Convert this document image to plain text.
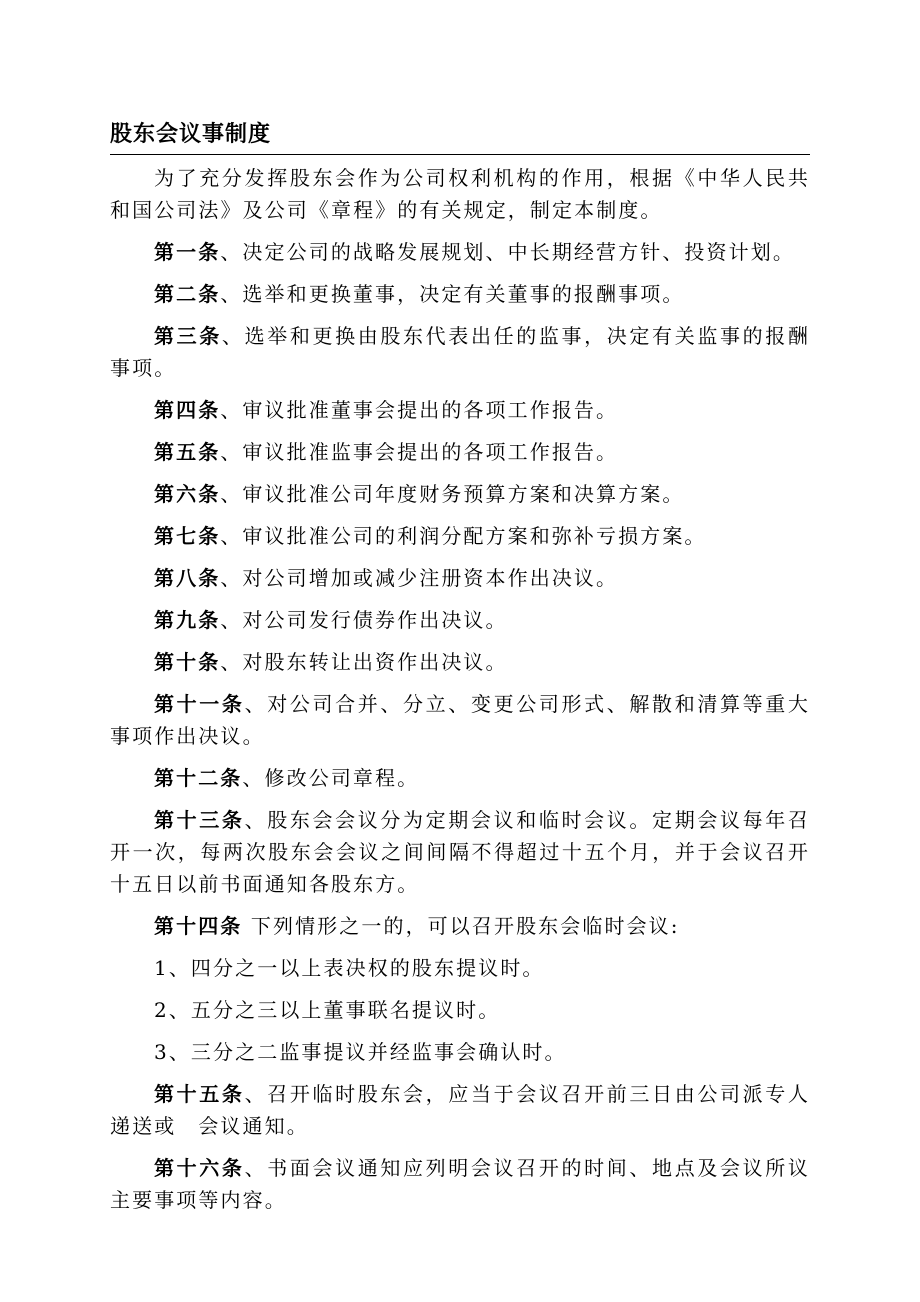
股东会议事制度

为了充分发挥股东会作为公司权利机构的作用，根据《中华人民共和国公司法》及公司《章程》的有关规定，制定本制度。

第一条、决定公司的战略发展规划、中长期经营方针、投资计划。

第二条、选举和更换董事，决定有关董事的报酬事项。

第三条、选举和更换由股东代表出任的监事，决定有关监事的报酬事项。

第四条、审议批准董事会提出的各项工作报告。

第五条、审议批准监事会提出的各项工作报告。

第六条、审议批准公司年度财务预算方案和决算方案。

第七条、审议批准公司的利润分配方案和弥补亏损方案。

第八条、对公司增加或减少注册资本作出决议。

第九条、对公司发行债券作出决议。

第十条、对股东转让出资作出决议。

第十一条、对公司合并、分立、变更公司形式、解散和清算等重大事项作出决议。

第十二条、修改公司章程。

第十三条、股东会会议分为定期会议和临时会议。定期会议每年召开一次，每两次股东会会议之间间隔不得超过十五个月，并于会议召开十五日以前书面通知各股东方。

第十四条 下列情形之一的，可以召开股东会临时会议:

1、四分之一以上表决权的股东提议时。

2、五分之三以上董事联名提议时。

3、三分之二监事提议并经监事会确认时。

第十五条、召开临时股东会，应当于会议召开前三日由公司派专人递送或 会议通知。

第十六条、书面会议通知应列明会议召开的时间、地点及会议所议主要事项等内容。
